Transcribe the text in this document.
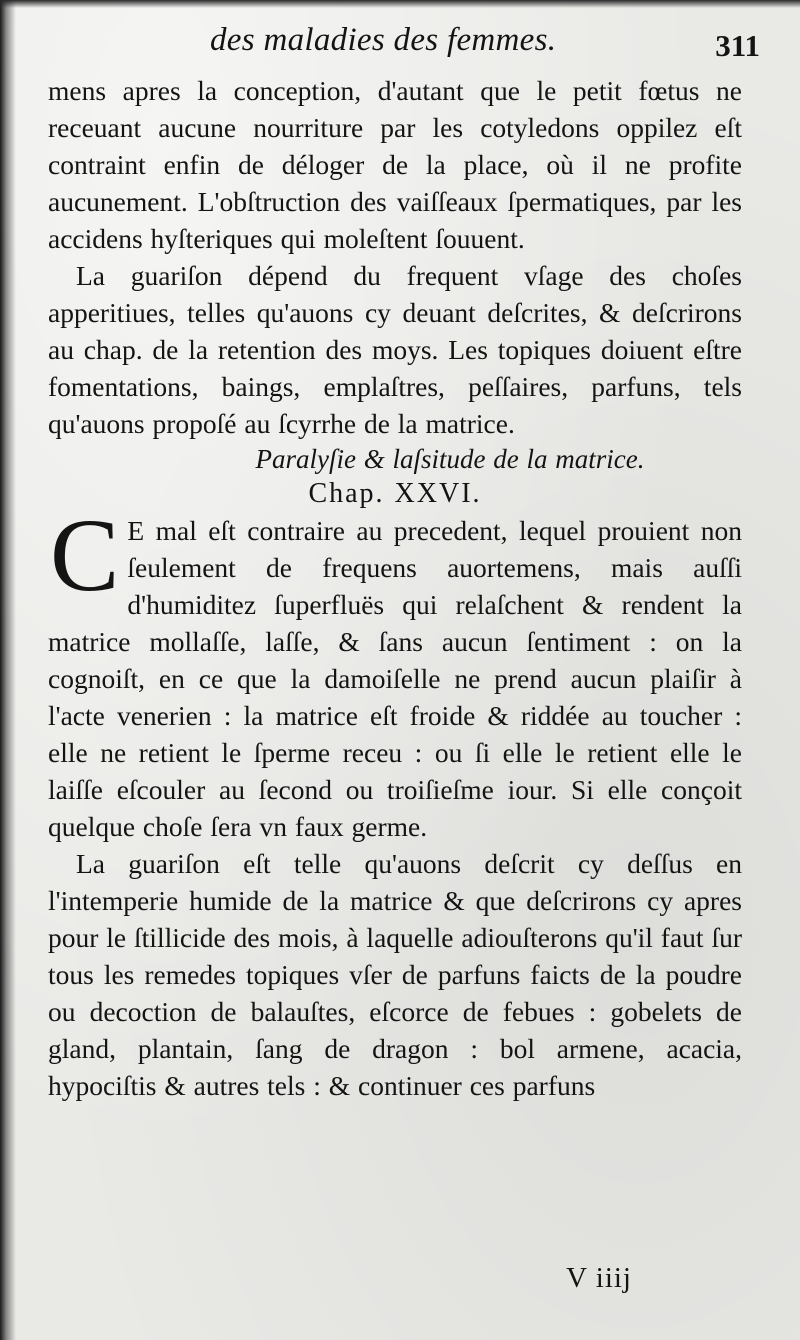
des maladies des femmes.	311

mens apres la conception, d'autant que le petit fœtus ne receuant aucune nourriture par les cotyledons oppilez eſt contraint enfin de déloger de la place, où il ne profite aucunement. L'obſtruction des vaiſſeaux ſpermatiques, par les accidens hyſteriques qui moleſtent ſouuent.

La guariſon dépend du frequent vſage des choſes apperitiues, telles qu'auons cy deuant deſcrites, & deſcrirons au chap. de la retention des moys. Les topiques doiuent eſtre fomentations, baings, emplaſtres, peſſaires, parfuns, tels qu'auons propoſé au ſcyrrhe de la matrice.

Paralyſie & laſsitude de la matrice.

Chap. XXVI.

C E mal eſt contraire au precedent, lequel prouient non ſeulement de frequens auortemens, mais auſſi d'humiditez ſuperfluës qui relaſchent & rendent la matrice mollaſſe, laſſe, & ſans aucun ſentiment : on la cognoiſt, en ce que la damoiſelle ne prend aucun plaiſir à l'acte venerien : la matrice eſt froide & riddée au toucher : elle ne retient le ſperme receu : ou ſi elle le retient elle le laiſſe eſcouler au ſecond ou troiſieſme iour. Si elle conçoit quelque choſe ſera vn faux germe.

La guariſon eſt telle qu'auons deſcrit cy deſſus en l'intemperie humide de la matrice & que deſcrirons cy apres pour le ſtillicide des mois, à laquelle adiouſterons qu'il faut ſur tous les remedes topiques vſer de parfuns faicts de la poudre ou decoction de balauſtes, eſcorce de febues : gobelets de gland, plantain, ſang de dragon : bol armene, acacia, hypociſtis & autres tels : & continuer ces parfuns

V iiij
